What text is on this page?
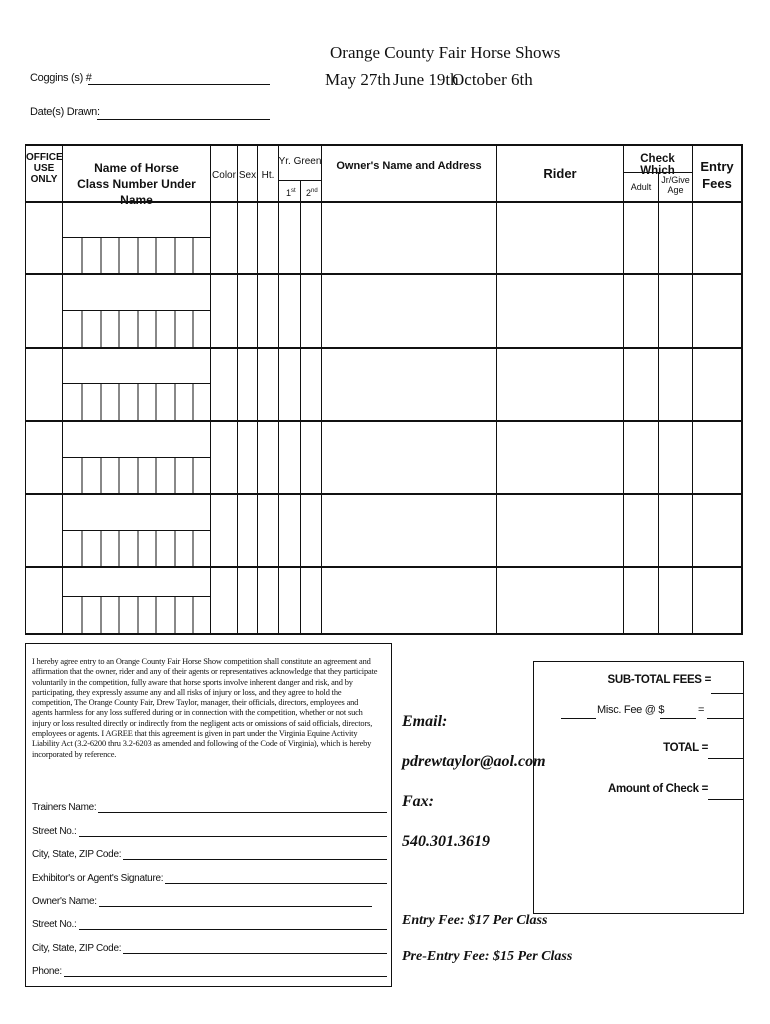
Orange County Fair Horse Shows
May 27th June 19th
October 6th
Coggins (s) #
Date(s) Drawn:
OFFICE
USE
ONLY
Name of Horse
Class Number Under Name
Color Sex Ht.
Yr. Green
1st 2nd
Owner's Name and Address	Rider
Check Which
Adult
Jr/Give
Age
Entry
Fees
I hereby agree entry to an Orange County Fair Horse Show competition shall constitute an agreement and affirmation that the owner, rider and any of their agents or representatives acknowledge that they participate voluntarily in the competition, fully aware that horse sports involve inherent danger and risk, and by participating, they expressly assume any and all risks of injury or loss, and they agree to hold the competition, The Orange County Fair, Drew Taylor, manager, their officials, directors, employees and agents harmless for any loss suffered during or in connection with the competition, whether or not such injury or loss resulted directly or indirectly from the negligent acts or omissions of said officials, directors, employees or agents. I AGREE that this agreement is given in part under the Virginia Equine Activity Liability Act (3.2-6200 thru 3.2-6203 as amended and following of the Code of Virginia), which is hereby incorporated by reference.
Trainers Name:
Street No.:
City, State, ZIP Code:
Exhibitor's or Agent's Signature:
Owner's Name:
Street No.:
City, State, ZIP Code:
Phone:
Email:
pdrewtaylor@aol.com
Fax:
540.301.3619
Entry Fee: $17 Per Class
Pre-Entry Fee: $15 Per Class
SUB-TOTAL FEES =
Misc. Fee @ $	=
TOTAL =
Amount of Check =
